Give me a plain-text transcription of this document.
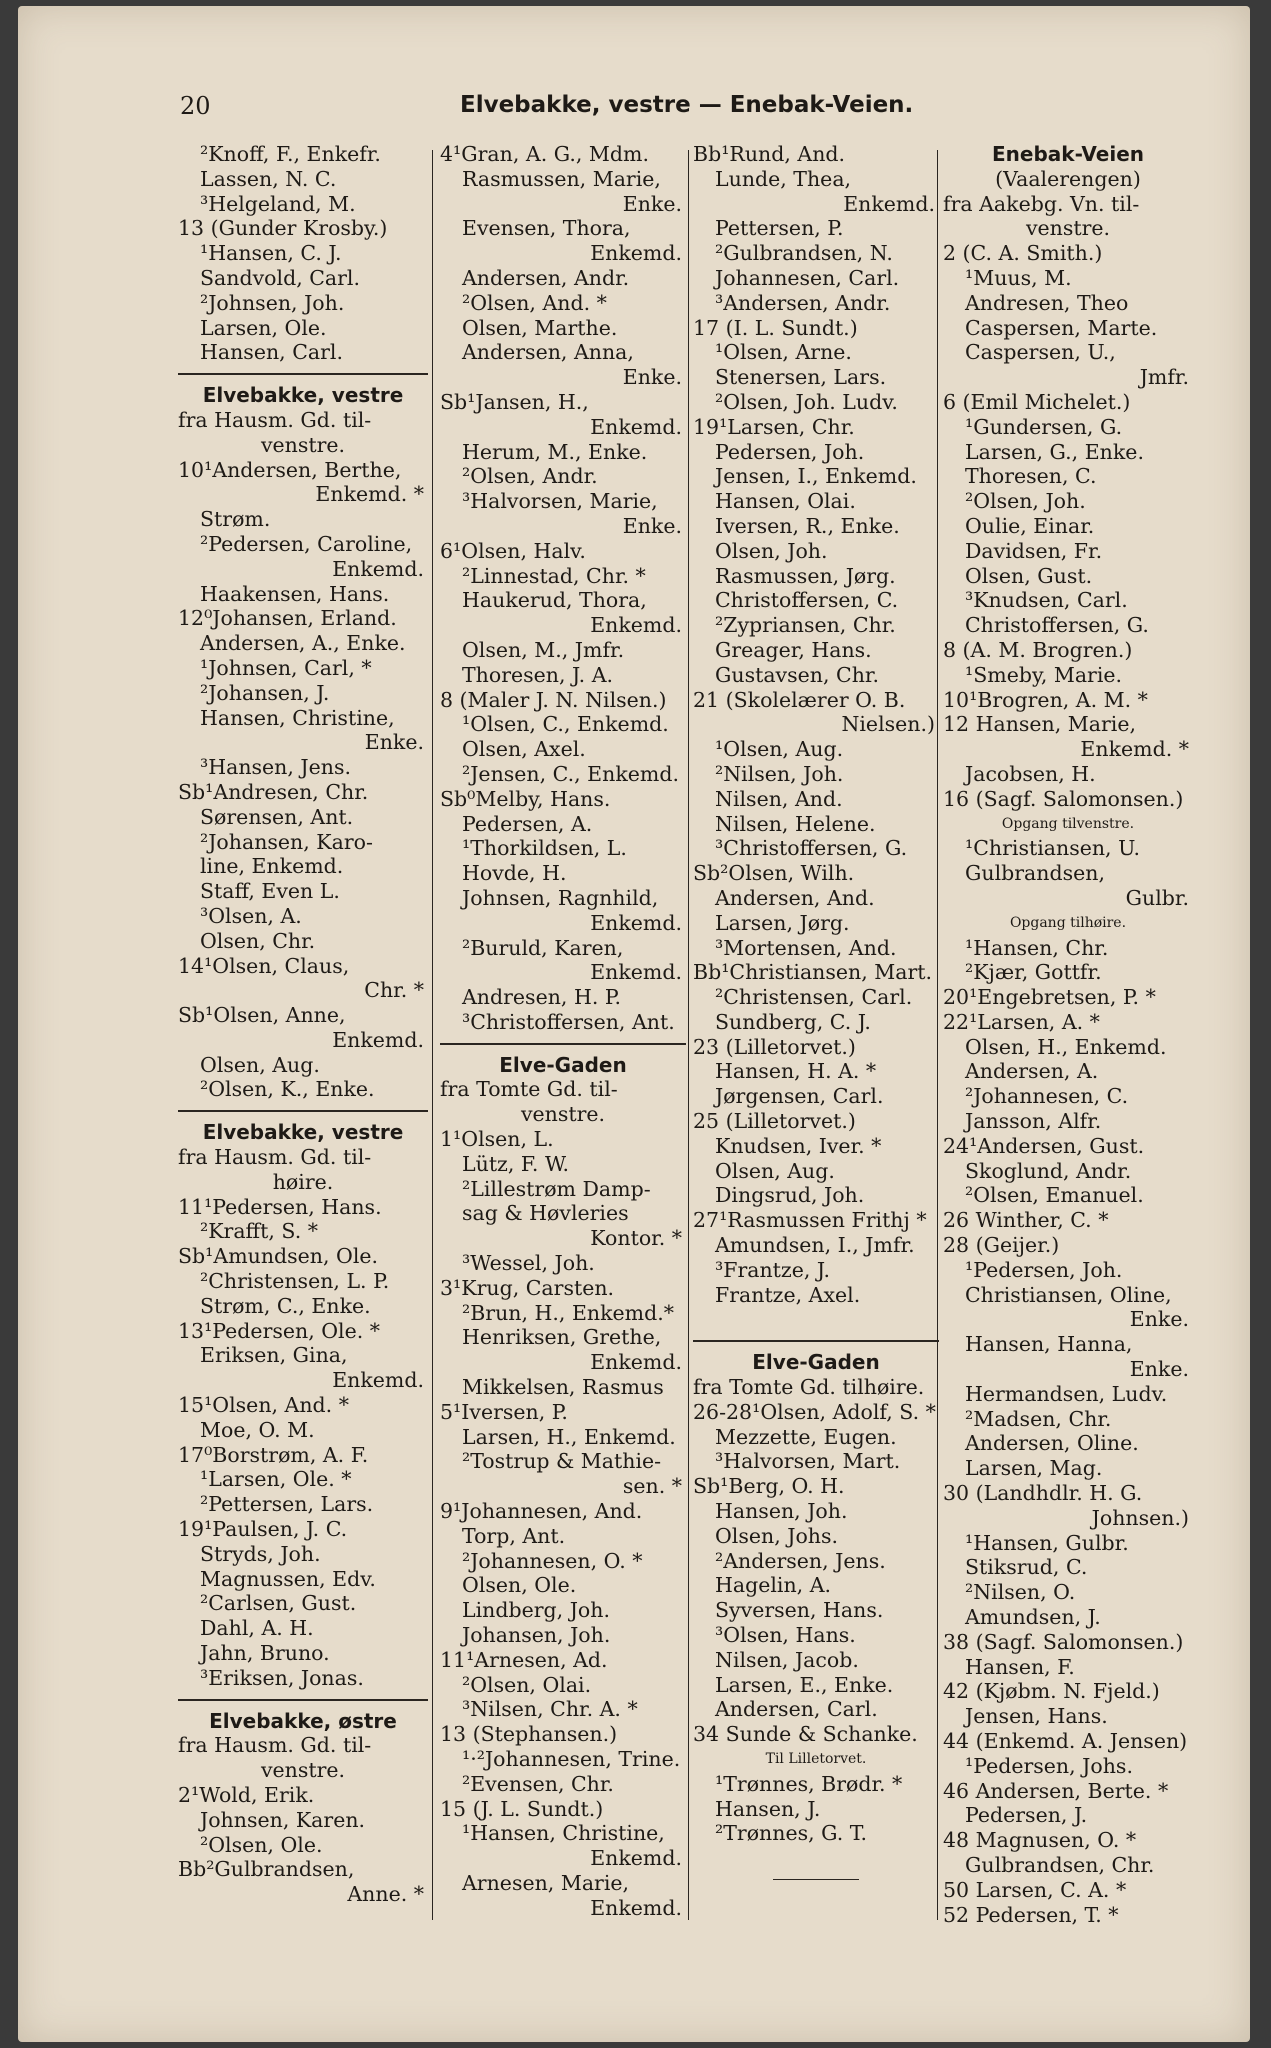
20	Elvebakke, vestre — Enebak-Veien.
²Knoff, F., Enkefr.
Lassen, N. C.
³Helgeland, M.
13 (Gunder Krosby.)
¹Hansen, C. J.
Sandvold, Carl.
²Johnsen, Joh.
Larsen, Ole.
Hansen, Carl.
Elvebakke, vestre
fra Hausm. Gd. til-
venstre.
10¹Andersen, Berthe,
Enkemd. *
Strøm.
²Pedersen, Caroline,
Enkemd.
Haakensen, Hans.
12⁰Johansen, Erland.
Andersen, A., Enke.
¹Johnsen, Carl, *
²Johansen, J.
Hansen, Christine,
Enke.
³Hansen, Jens.
Sb¹Andresen, Chr.
Sørensen, Ant.
²Johansen, Karo-
line, Enkemd.
Staff, Even L.
³Olsen, A.
Olsen, Chr.
14¹Olsen, Claus,
Chr. *
Sb¹Olsen, Anne,
Enkemd.
Olsen, Aug.
²Olsen, K., Enke.
Elvebakke, vestre
fra Hausm. Gd. til-
høire.
11¹Pedersen, Hans.
²Krafft, S. *
Sb¹Amundsen, Ole.
²Christensen, L. P.
Strøm, C., Enke.
13¹Pedersen, Ole. *
Eriksen, Gina,
Enkemd.
15¹Olsen, And. *
Moe, O. M.
17⁰Borstrøm, A. F.
¹Larsen, Ole. *
²Pettersen, Lars.
19¹Paulsen, J. C.
Stryds, Joh.
Magnussen, Edv.
²Carlsen, Gust.
Dahl, A. H.
Jahn, Bruno.
³Eriksen, Jonas.
Elvebakke, østre
fra Hausm. Gd. til-
venstre.
2¹Wold, Erik.
Johnsen, Karen.
²Olsen, Ole.
Bb²Gulbrandsen,
Anne. *
4¹Gran, A. G., Mdm.
Rasmussen, Marie,
Enke.
Evensen, Thora,
Enkemd.
Andersen, Andr.
²Olsen, And. *
Olsen, Marthe.
Andersen, Anna,
Enke.
Sb¹Jansen, H.,
Enkemd.
Herum, M., Enke.
²Olsen, Andr.
³Halvorsen, Marie,
Enke.
6¹Olsen, Halv.
²Linnestad, Chr. *
Haukerud, Thora,
Enkemd.
Olsen, M., Jmfr.
Thoresen, J. A.
8 (Maler J. N. Nilsen.)
¹Olsen, C., Enkemd.
Olsen, Axel.
²Jensen, C., Enkemd.
Sb⁰Melby, Hans.
Pedersen, A.
¹Thorkildsen, L.
Hovde, H.
Johnsen, Ragnhild,
Enkemd.
²Buruld, Karen,
Enkemd.
Andresen, H. P.
³Christoffersen, Ant.
Elve-Gaden
fra Tomte Gd. til-
venstre.
1¹Olsen, L.
Lütz, F. W.
²Lillestrøm Damp-
sag & Høvleries
Kontor. *
³Wessel, Joh.
3¹Krug, Carsten.
²Brun, H., Enkemd.*
Henriksen, Grethe,
Enkemd.
Mikkelsen, Rasmus
5¹Iversen, P.
Larsen, H., Enkemd.
²Tostrup & Mathie-
sen. *
9¹Johannesen, And.
Torp, Ant.
²Johannesen, O. *
Olsen, Ole.
Lindberg, Joh.
Johansen, Joh.
11¹Arnesen, Ad.
²Olsen, Olai.
³Nilsen, Chr. A. *
13 (Stephansen.)
¹·²Johannesen, Trine.
²Evensen, Chr.
15 (J. L. Sundt.)
¹Hansen, Christine,
Enkemd.
Arnesen, Marie,
Enkemd.
Bb¹Rund, And.
Lunde, Thea,
Enkemd.
Pettersen, P.
²Gulbrandsen, N.
Johannesen, Carl.
³Andersen, Andr.
17 (I. L. Sundt.)
¹Olsen, Arne.
Stenersen, Lars.
²Olsen, Joh. Ludv.
19¹Larsen, Chr.
Pedersen, Joh.
Jensen, I., Enkemd.
Hansen, Olai.
Iversen, R., Enke.
Olsen, Joh.
Rasmussen, Jørg.
Christoffersen, C.
²Zypriansen, Chr.
Greager, Hans.
Gustavsen, Chr.
21 (Skolelærer O. B.
Nielsen.)
¹Olsen, Aug.
²Nilsen, Joh.
Nilsen, And.
Nilsen, Helene.
³Christoffersen, G.
Sb²Olsen, Wilh.
Andersen, And.
Larsen, Jørg.
³Mortensen, And.
Bb¹Christiansen, Mart.
²Christensen, Carl.
Sundberg, C. J.
23 (Lilletorvet.)
Hansen, H. A. *
Jørgensen, Carl.
25 (Lilletorvet.)
Knudsen, Iver. *
Olsen, Aug.
Dingsrud, Joh.
27¹Rasmussen Frithj *
Amundsen, I., Jmfr.
³Frantze, J.
Frantze, Axel.
Elve-Gaden
fra Tomte Gd. tilhøire.
26-28¹Olsen, Adolf, S. *
Mezzette, Eugen.
³Halvorsen, Mart.
Sb¹Berg, O. H.
Hansen, Joh.
Olsen, Johs.
²Andersen, Jens.
Hagelin, A.
Syversen, Hans.
³Olsen, Hans.
Nilsen, Jacob.
Larsen, E., Enke.
Andersen, Carl.
34 Sunde & Schanke.
Til Lilletorvet.
¹Trønnes, Brødr. *
Hansen, J.
²Trønnes, G. T.
Enebak-Veien
(Vaalerengen)
fra Aakebg. Vn. til-
venstre.
2 (C. A. Smith.)
¹Muus, M.
Andresen, Theo
Caspersen, Marte.
Caspersen, U.,
Jmfr.
6 (Emil Michelet.)
¹Gundersen, G.
Larsen, G., Enke.
Thoresen, C.
²Olsen, Joh.
Oulie, Einar.
Davidsen, Fr.
Olsen, Gust.
³Knudsen, Carl.
Christoffersen, G.
8 (A. M. Brogren.)
¹Smeby, Marie.
10¹Brogren, A. M. *
12 Hansen, Marie,
Enkemd. *
Jacobsen, H.
16 (Sagf. Salomonsen.)
Opgang tilvenstre.
¹Christiansen, U.
Gulbrandsen,
Gulbr.
Opgang tilhøire.
¹Hansen, Chr.
²Kjær, Gottfr.
20¹Engebretsen, P. *
22¹Larsen, A. *
Olsen, H., Enkemd.
Andersen, A.
²Johannesen, C.
Jansson, Alfr.
24¹Andersen, Gust.
Skoglund, Andr.
²Olsen, Emanuel.
26 Winther, C. *
28 (Geijer.)
¹Pedersen, Joh.
Christiansen, Oline,
Enke.
Hansen, Hanna,
Enke.
Hermandsen, Ludv.
²Madsen, Chr.
Andersen, Oline.
Larsen, Mag.
30 (Landhdlr. H. G.
Johnsen.)
¹Hansen, Gulbr.
Stiksrud, C.
²Nilsen, O.
Amundsen, J.
38 (Sagf. Salomonsen.)
Hansen, F.
42 (Kjøbm. N. Fjeld.)
Jensen, Hans.
44 (Enkemd. A. Jensen)
¹Pedersen, Johs.
46 Andersen, Berte. *
Pedersen, J.
48 Magnusen, O. *
Gulbrandsen, Chr.
50 Larsen, C. A. *
52 Pedersen, T. *
